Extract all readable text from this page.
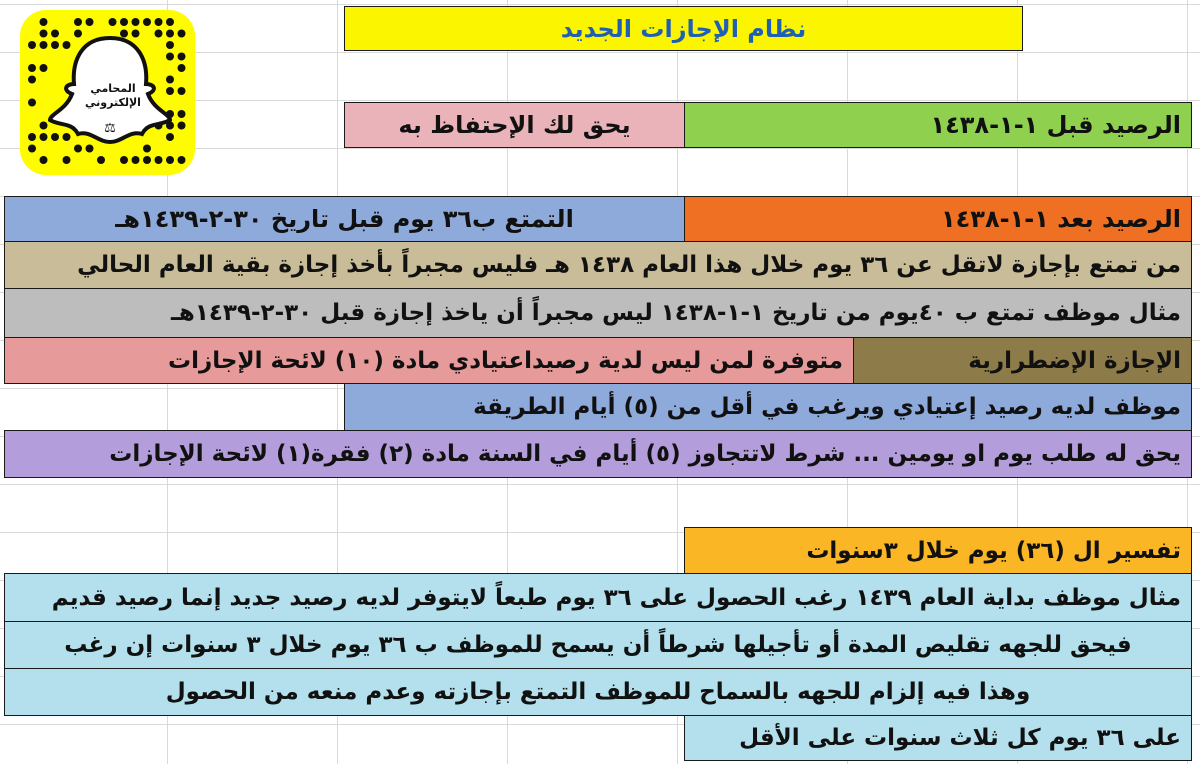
⚖
المحامي
الإلكتروني
نظام الإجازات الجديد
الرصيد قبل ١-١-١٤٣٨
يحق لك الإحتفاظ به
الرصيد بعد ١-١-١٤٣٨
التمتع ب٣٦ يوم قبل تاريخ ٣٠-٢-١٤٣٩هـ
من تمتع بإجازة لاتقل عن ٣٦ يوم خلال هذا العام ١٤٣٨ هـ فليس مجبراً بأخذ إجازة بقية العام الحالي
مثال موظف تمتع ب ٤٠يوم من تاريخ ١-١-١٤٣٨ ليس مجبراً أن ياخذ إجازة قبل ٣٠-٢-١٤٣٩هـ
الإجازة الإضطرارية
متوفرة لمن ليس لدية رصيداعتيادي مادة (١٠) لائحة الإجازات
موظف لديه رصيد إعتيادي ويرغب في أقل من (٥) أيام الطريقة
يحق له طلب يوم او يومين ... شرط لاتتجاوز (٥) أيام في السنة مادة (٢) فقرة(١) لائحة الإجازات
تفسير ال (٣٦) يوم خلال ٣سنوات
مثال موظف بداية العام ١٤٣٩ رغب الحصول على ٣٦ يوم طبعاً لايتوفر لديه رصيد جديد إنما رصيد قديم
فيحق للجهه تقليص المدة أو تأجيلها شرطاً أن يسمح للموظف ب ٣٦ يوم خلال ٣ سنوات إن رغب
وهذا فيه إلزام للجهه بالسماح للموظف التمتع بإجازته وعدم منعه من الحصول
على ٣٦ يوم كل ثلاث سنوات على الأقل
